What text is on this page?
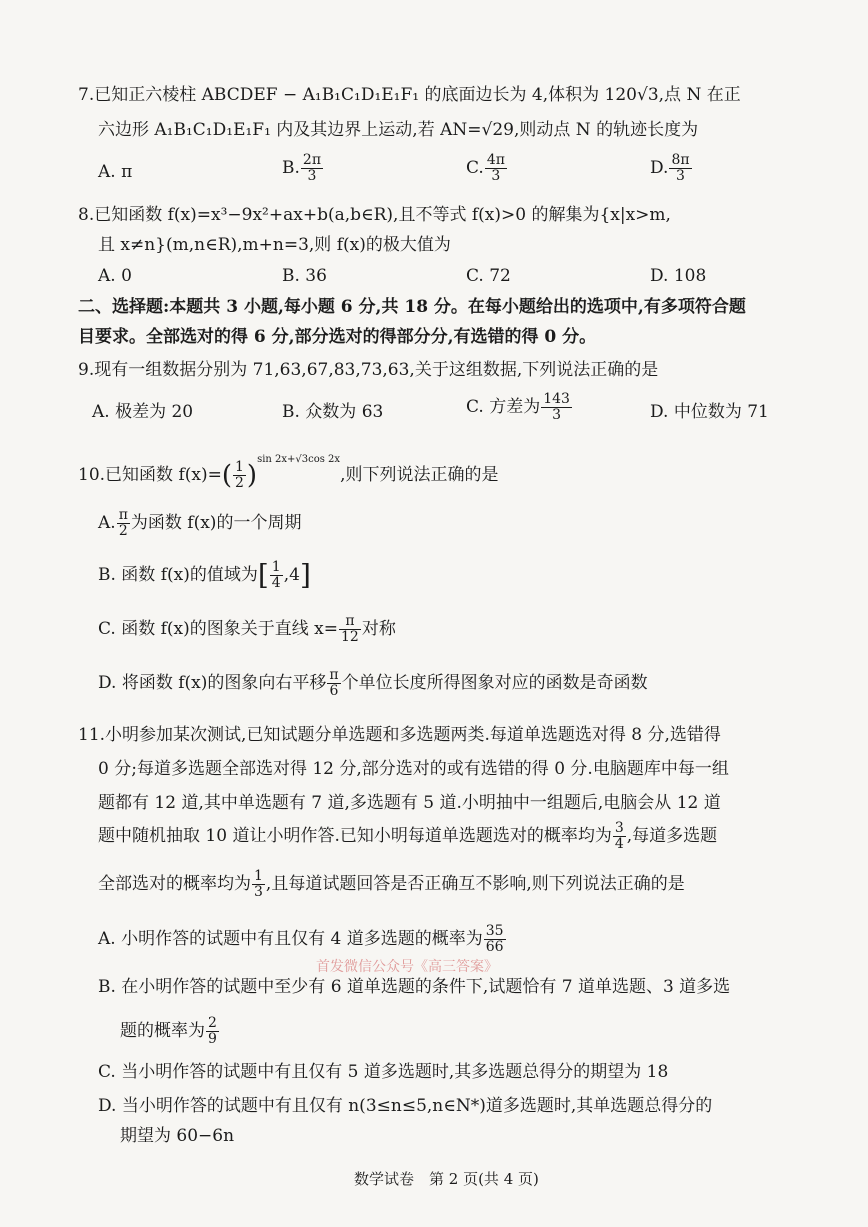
7.已知正六棱柱 ABCDEF − A₁B₁C₁D₁E₁F₁ 的底面边长为 4,体积为 120√3,点 N 在正
六边形 A₁B₁C₁D₁E₁F₁ 内及其边界上运动,若 AN=√29,则动点 N 的轨迹长度为
A. π	B. $\frac{2\pi}{3}$	C. $\frac{4\pi}{3}$	D. $\frac{8\pi}{3}$
8.已知函数 f(x)=x³−9x²+ax+b(a,b∈R),且不等式 f(x)>0 的解集为{x|x>m,
且 x≠n}(m,n∈R),m+n=3,则 f(x)的极大值为
A. 0	B. 36	C. 72	D. 108
二、选择题:本题共 3 小题,每小题 6 分,共 18 分。在每小题给出的选项中,有多项符合题
目要求。全部选对的得 6 分,部分选对的得部分分,有选错的得 0 分。
9.现有一组数据分别为 71,63,67,83,73,63,关于这组数据,下列说法正确的是
A. 极差为 20	B. 众数为 63	C. 方差为 $\frac{143}{3}$	D. 中位数为 71
10.已知函数 $f(x)=( \frac{1}{2} )^{sin 2x+√3cos 2x}$,则下列说法正确的是
A. $\frac{\pi}{2}$ 为函数 f(x)的一个周期
B. 函数 f(x)的值域为[ $\frac{1}{4} ,4$]
C. 函数 f(x)的图象关于直线 $x= \frac{\pi}{12}$ 对称
D. 将函数 f(x)的图象向右平移 $\frac{\pi}{6}$ 个单位长度所得图象对应的函数是奇函数
11.小明参加某次测试,已知试题分单选题和多选题两类.每道单选题选对得 8 分,选错得
0 分;每道多选题全部选对得 12 分,部分选对的或有选错的得 0 分.电脑题库中每一组
题都有 12 道,其中单选题有 7 道,多选题有 5 道.小明抽中一组题后,电脑会从 12 道
题中随机抽取 10 道让小明作答.已知小明每道单选题选对的概率均为 $\frac{3}{4}$ ,每道多选题
全部选对的概率均为 $\frac{1}{3}$ ,且每道试题回答是否正确互不影响,则下列说法正确的是
A. 小明作答的试题中有且仅有 4 道多选题的概率为 $\frac{35}{66}$
首发微信公众号《高三答案》
B. 在小明作答的试题中至少有 6 道单选题的条件下,试题恰有 7 道单选题、3 道多选
题的概率为 $\frac{2}{9}$
C. 当小明作答的试题中有且仅有 5 道多选题时,其多选题总得分的期望为 18
D. 当小明作答的试题中有且仅有 n(3≤n≤5,n∈N*)道多选题时,其单选题总得分的
期望为 60−6n
数学试卷　第 2 页(共 4 页)
